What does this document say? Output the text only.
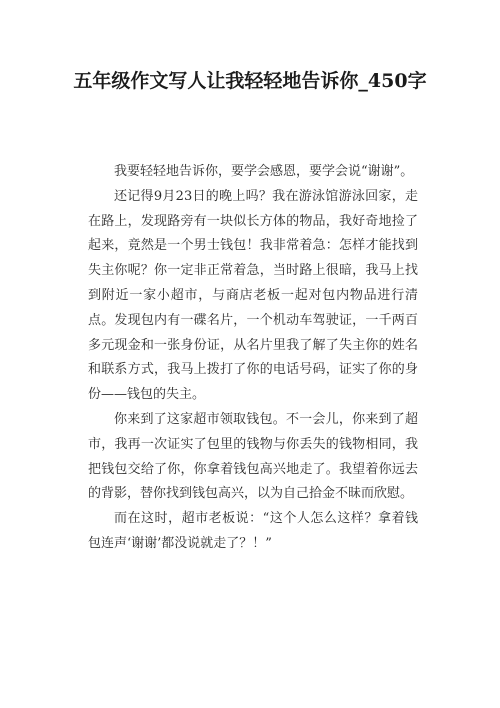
五年级作文写人让我轻轻地告诉你_450字

我要轻轻地告诉你，要学会感恩，要学会说“谢谢”。

还记得9月23日的晚上吗？我在游泳馆游泳回家，走在路上，发现路旁有一块似长方体的物品，我好奇地捡了起来，竟然是一个男士钱包！我非常着急：怎样才能找到失主你呢？你一定非正常着急，当时路上很暗，我马上找到附近一家小超市，与商店老板一起对包内物品进行清点。发现包内有一碟名片，一个机动车驾驶证，一千两百多元现金和一张身份证，从名片里我了解了失主你的姓名和联系方式，我马上拨打了你的电话号码，证实了你的身份——钱包的失主。

你来到了这家超市领取钱包。不一会儿，你来到了超市，我再一次证实了包里的钱物与你丢失的钱物相同，我把钱包交给了你，你拿着钱包高兴地走了。我望着你远去的背影，替你找到钱包高兴，以为自己拾金不昧而欣慰。

而在这时，超市老板说：“这个人怎么这样？拿着钱包连声‘谢谢’都没说就走了？！”
